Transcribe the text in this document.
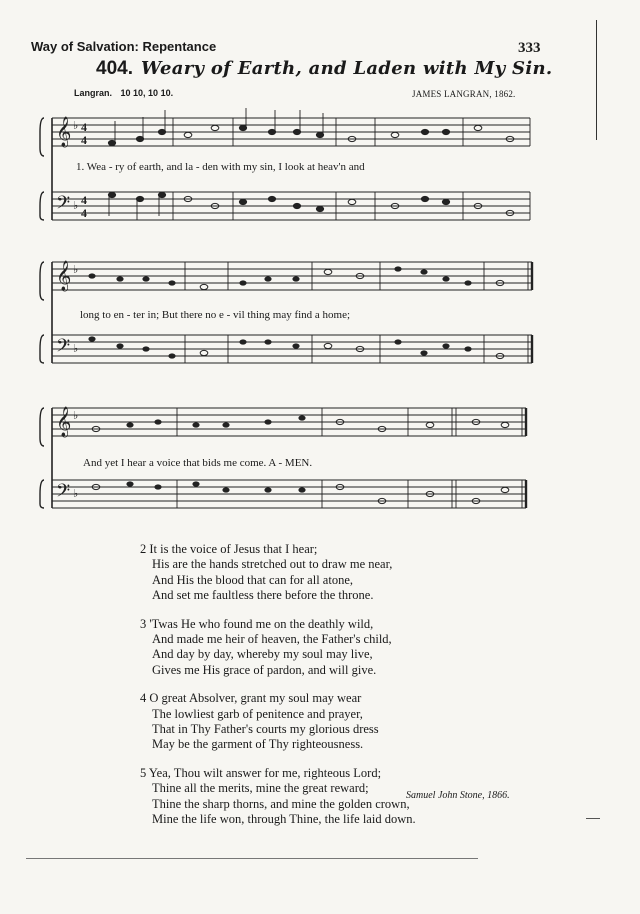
Way of Salvation: Repentance	333
404. Weary of Earth, and Laden with My Sin.
Langran. 10 10, 10 10.	JAMES LANGRAN, 1862.
𝄞
𝄢
♭
♭
4
4
4
4
1. Wea - ry of earth, and la - den with my sin, I look at heav'n and
𝄞
𝄢
♭
♭
long to en - ter in; But there no e - vil thing may find a home;
𝄞
𝄢
♭
♭
And yet I hear a voice that bids me come. A - MEN.
2 It is the voice of Jesus that I hear;
His are the hands stretched out to draw me near,
And His the blood that can for all atone,
And set me faultless there before the throne.
3 'Twas He who found me on the deathly wild,
And made me heir of heaven, the Father's child,
And day by day, whereby my soul may live,
Gives me His grace of pardon, and will give.
4 O great Absolver, grant my soul may wear
The lowliest garb of penitence and prayer,
That in Thy Father's courts my glorious dress
May be the garment of Thy righteousness.
5 Yea, Thou wilt answer for me, righteous Lord;
Thine all the merits, mine the great reward;
Thine the sharp thorns, and mine the golden crown,
Mine the life won, through Thine, the life laid down.
Samuel John Stone, 1866.
